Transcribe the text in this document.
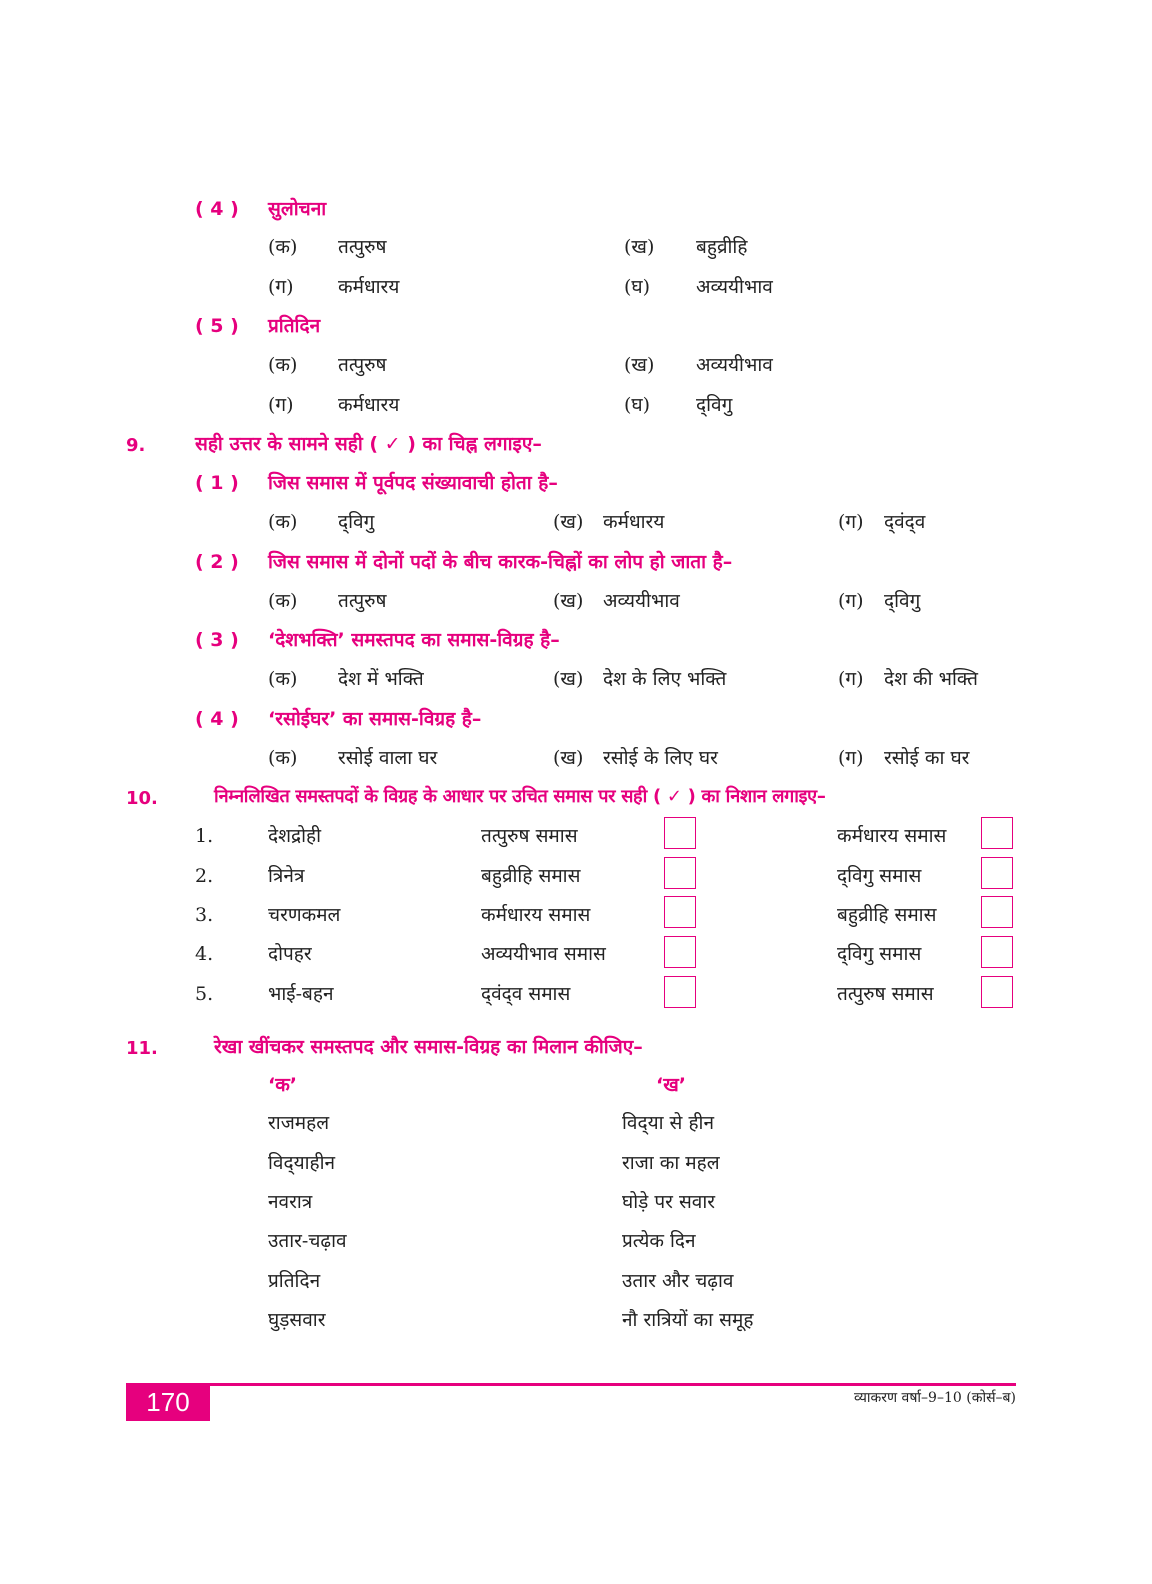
( 4 ) सुलोचना
(क) तत्पुरुष	(ख) बहुव्रीहि
(ग) कर्मधारय	(घ) अव्ययीभाव
( 5 ) प्रतिदिन
(क) तत्पुरुष	(ख) अव्ययीभाव
(ग) कर्मधारय	(घ) द्‌विगु
9.	सही उत्तर के सामने सही ( ✓ ) का चिह्न लगाइए–
( 1 ) जिस समास में पूर्वपद संख्यावाची होता है–
(क) द्‌विगु	(ख) कर्मधारय	(ग) द्‌वंद्‌व
( 2 ) जिस समास में दोनों पदों के बीच कारक-चिह्नों का लोप हो जाता है–
(क) तत्पुरुष	(ख) अव्ययीभाव	(ग) द्‌विगु
( 3 ) ‘देशभक्ति’ समस्तपद का समास-विग्रह है–
(क) देश में भक्ति	(ख) देश के लिए भक्ति	(ग) देश की भक्ति
( 4 ) ‘रसोईघर’ का समास-विग्रह है–
(क) रसोई वाला घर	(ख) रसोई के लिए घर	(ग) रसोई का घर
10.	निम्नलिखित समस्तपदों के विग्रह के आधार पर उचित समास पर सही ( ✓ ) का निशान लगाइए–
1.	देशद्रोही	तत्पुरुष समास	कर्मधारय समास
2.	त्रिनेत्र	बहुव्रीहि समास	द्‌विगु समास
3.	चरणकमल	कर्मधारय समास	बहुव्रीहि समास
4.	दोपहर	अव्ययीभाव समास	द्‌विगु समास
5.	भाई-बहन	द्‌वंद्‌व समास	तत्पुरुष समास
11.	रेखा खींचकर समस्तपद और समास-विग्रह का मिलान कीजिए–
‘क’	‘ख’
राजमहल	विद्‌या से हीन
विद्‌याहीन	राजा का महल
नवरात्र	घोड़े पर सवार
उतार-चढ़ाव	प्रत्येक दिन
प्रतिदिन	उतार और चढ़ाव
घुड़सवार	नौ रात्रियों का समूह
170	व्याकरण वर्षा–9–10 (कोर्स–ब)
